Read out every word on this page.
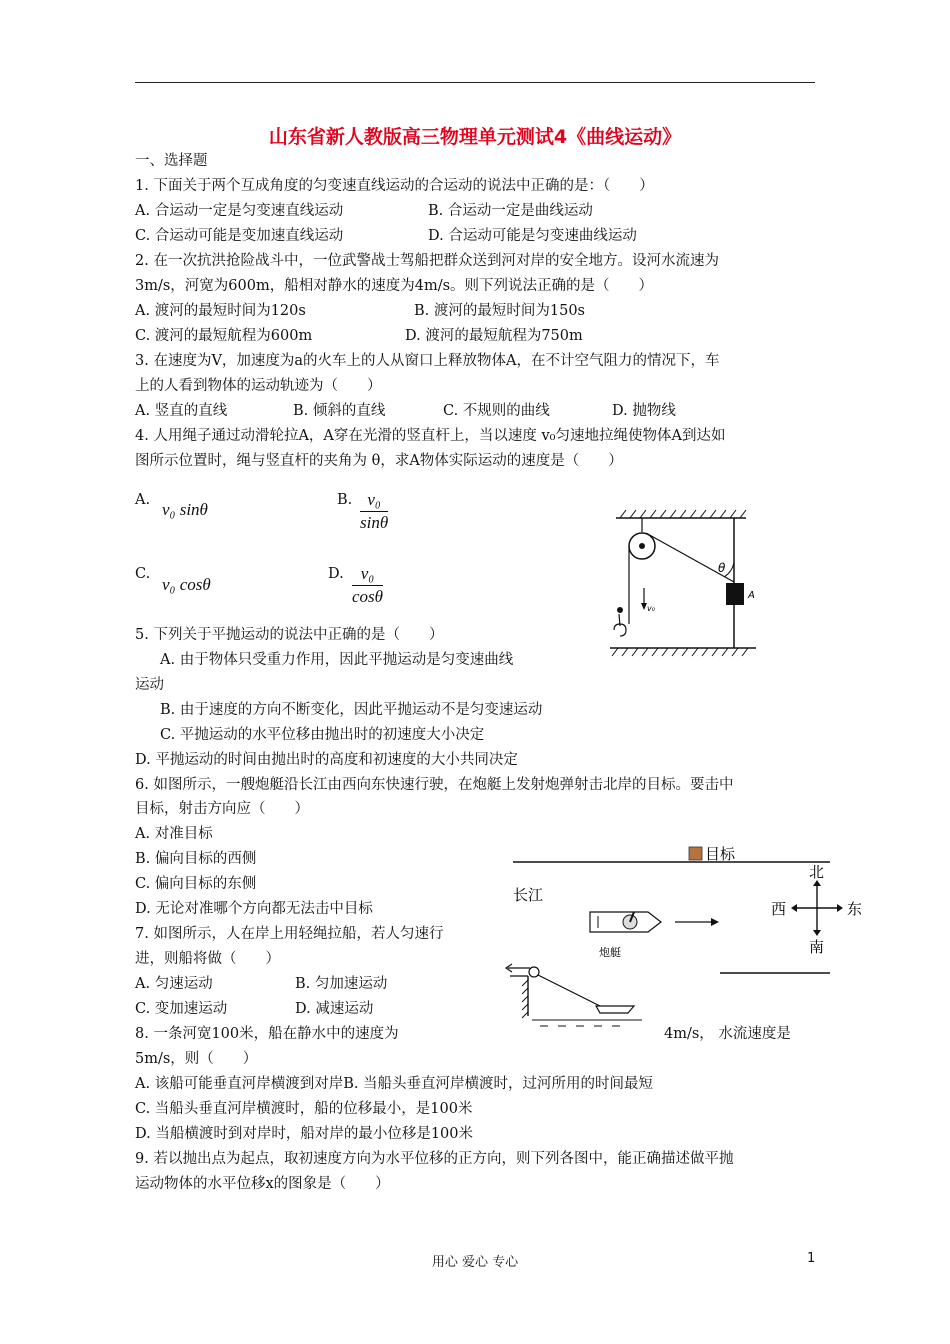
山东省新人教版高三物理单元测试4《曲线运动》
一、选择题
1. 下面关于两个互成角度的匀变速直线运动的合运动的说法中正确的是：（　　）
A. 合运动一定是匀变速直线运动	B. 合运动一定是曲线运动
C. 合运动可能是变加速直线运动	D. 合运动可能是匀变速曲线运动
2. 在一次抗洪抢险战斗中，一位武警战士驾船把群众送到河对岸的安全地方。设河水流速为
3m/s，河宽为600m，船相对静水的速度为4m/s。则下列说法正确的是（　　）
A. 渡河的最短时间为120s	B. 渡河的最短时间为150s
C. 渡河的最短航程为600m	D. 渡河的最短航程为750m
3. 在速度为V，加速度为a的火车上的人从窗口上释放物体A，在不计空气阻力的情况下，车
上的人看到物体的运动轨迹为（　　）
A. 竖直的直线	B. 倾斜的直线	C. 不规则的曲线	D. 抛物线
4. 人用绳子通过动滑轮拉A，A穿在光滑的竖直杆上，当以速度 v₀匀速地拉绳使物体A到达如
图所示位置时，绳与竖直杆的夹角为 θ，求A物体实际运动的速度是（　　）
A. v₀ sinθ	B. $\frac{\text{v₀}}{\sin\theta}$
C.
v₀ cosθ
D. $\frac{\text{v₀}}{\cos\theta}$	θ
A
v₀
5. 下列关于平抛运动的说法中正确的是（　　）
A. 由于物体只受重力作用，因此平抛运动是匀变速曲线
运动
B. 由于速度的方向不断变化，因此平抛运动不是匀变速运动
C. 平抛运动的水平位移由抛出时的初速度大小决定
D. 平抛运动的时间由抛出时的高度和初速度的大小共同决定
6. 如图所示，一艘炮艇沿长江由西向东快速行驶，在炮艇上发射炮弹射击北岸的目标。要击中
目标，射击方向应（　　）
A. 对准目标
B. 偏向目标的西侧
C. 偏向目标的东侧
D. 无论对准哪个方向都无法击中目标
目标
长江
炮艇
北
南
西	东
7. 如图所示，人在岸上用轻绳拉船，若人匀速行
进，则船将做（　　）
A. 匀速运动	B. 匀加速运动
C. 变加速运动	D. 减速运动
8. 一条河宽100米，船在静水中的速度为	4m/s， 水流速度是
5m/s，则（　　）
A. 该船可能垂直河岸横渡到对岸B. 当船头垂直河岸横渡时，过河所用的时间最短
C. 当船头垂直河岸横渡时，船的位移最小，是100米
D. 当船横渡时到对岸时，船对岸的最小位移是100米
9. 若以抛出点为起点，取初速度方向为水平位移的正方向，则下列各图中，能正确描述做平抛
运动物体的水平位移x的图象是（　　）
用心 爱心 专心	1
